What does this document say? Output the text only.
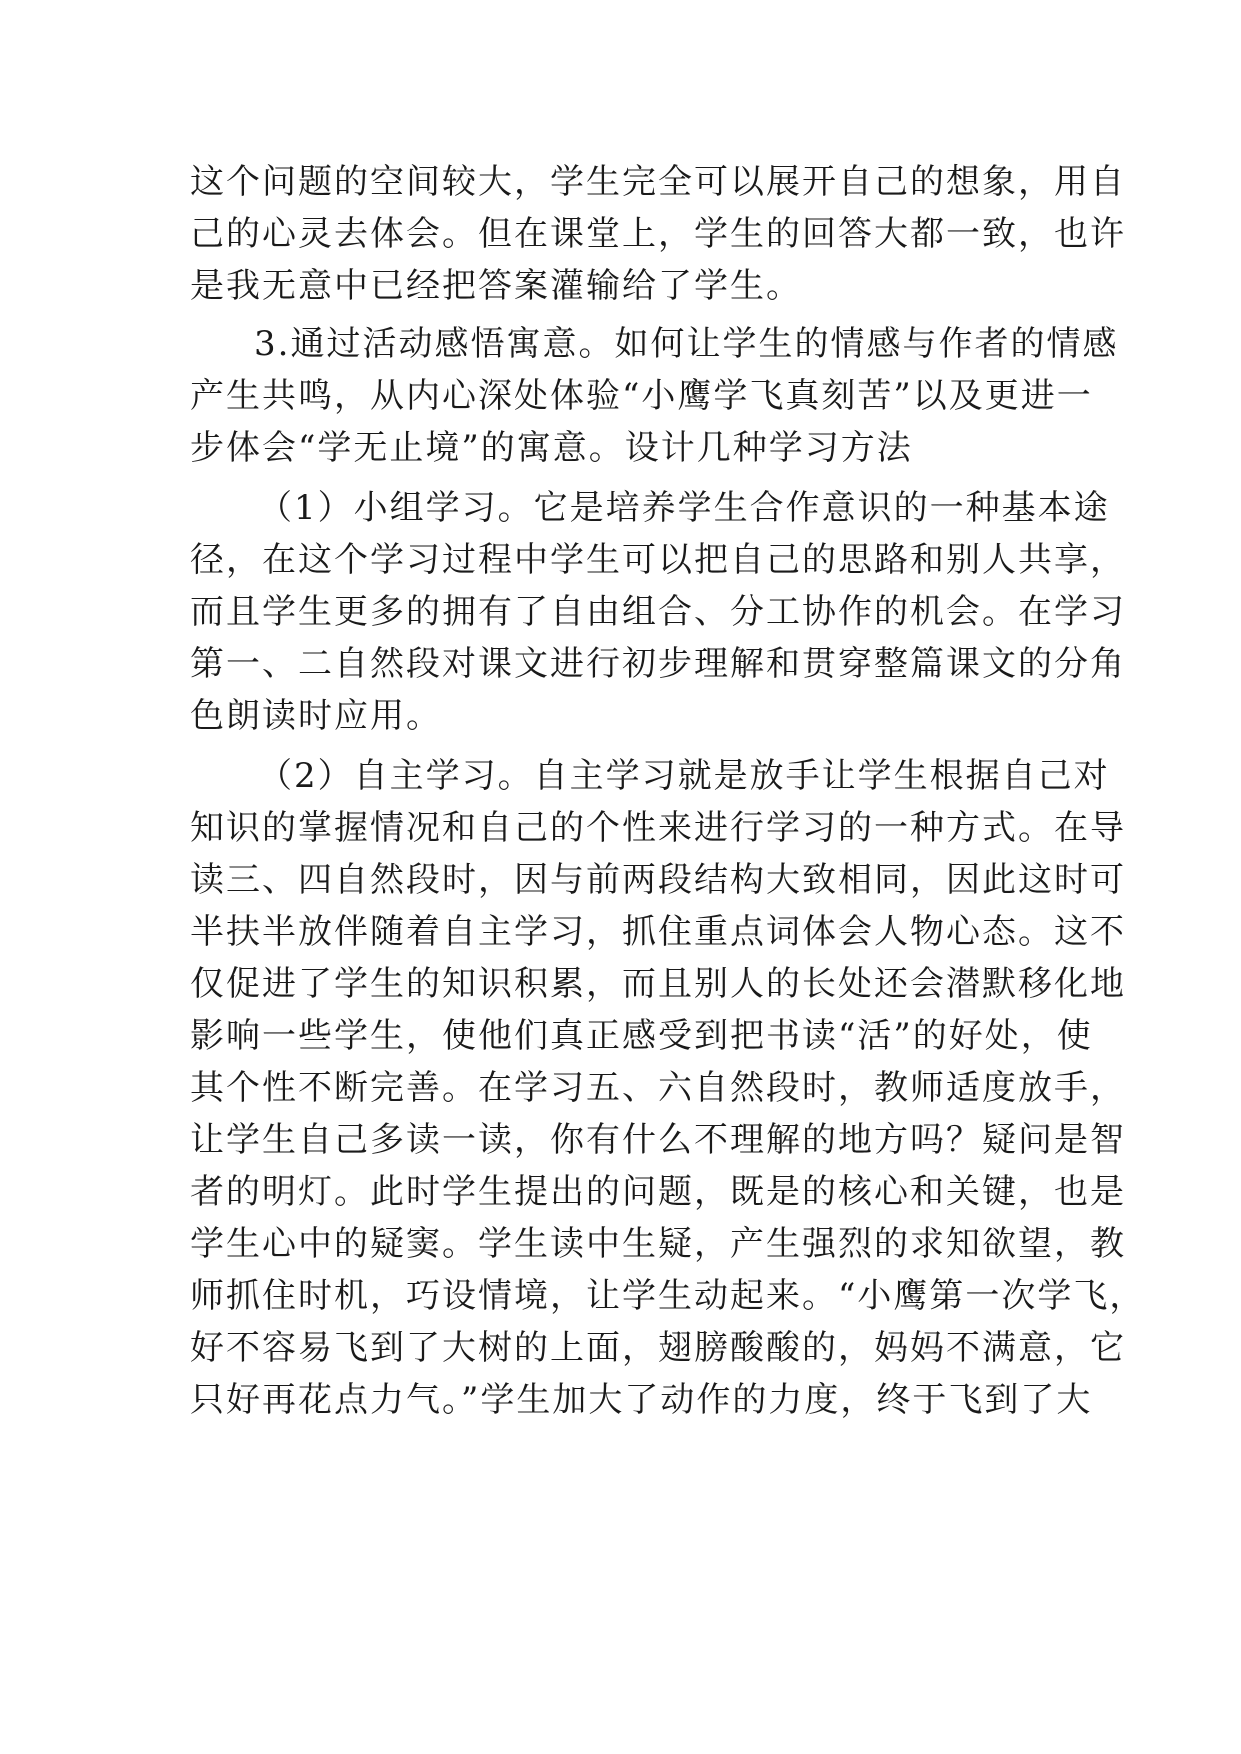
这个问题的空间较大，学生完全可以展开自己的想象，用自
己的心灵去体会。但在课堂上，学生的回答大都一致，也许
是我无意中已经把答案灌输给了学生。
3.通过活动感悟寓意。如何让学生的情感与作者的情感
产生共鸣，从内心深处体验“小鹰学飞真刻苦”以及更进一
步体会“学无止境”的寓意。设计几种学习方法
（1）小组学习。它是培养学生合作意识的一种基本途
径，在这个学习过程中学生可以把自己的思路和别人共享，
而且学生更多的拥有了自由组合、分工协作的机会。在学习
第一、二自然段对课文进行初步理解和贯穿整篇课文的分角
色朗读时应用。
（2）自主学习。自主学习就是放手让学生根据自己对
知识的掌握情况和自己的个性来进行学习的一种方式。在导
读三、四自然段时，因与前两段结构大致相同，因此这时可
半扶半放伴随着自主学习，抓住重点词体会人物心态。这不
仅促进了学生的知识积累，而且别人的长处还会潜默移化地
影响一些学生，使他们真正感受到把书读“活”的好处，使
其个性不断完善。在学习五、六自然段时，教师适度放手，
让学生自己多读一读，你有什么不理解的地方吗？疑问是智
者的明灯。此时学生提出的问题，既是的核心和关键，也是
学生心中的疑窦。学生读中生疑，产生强烈的求知欲望，教
师抓住时机，巧设情境，让学生动起来。“小鹰第一次学飞，
好不容易飞到了大树的上面，翅膀酸酸的，妈妈不满意，它
只好再花点力气。”学生加大了动作的力度，终于飞到了大
